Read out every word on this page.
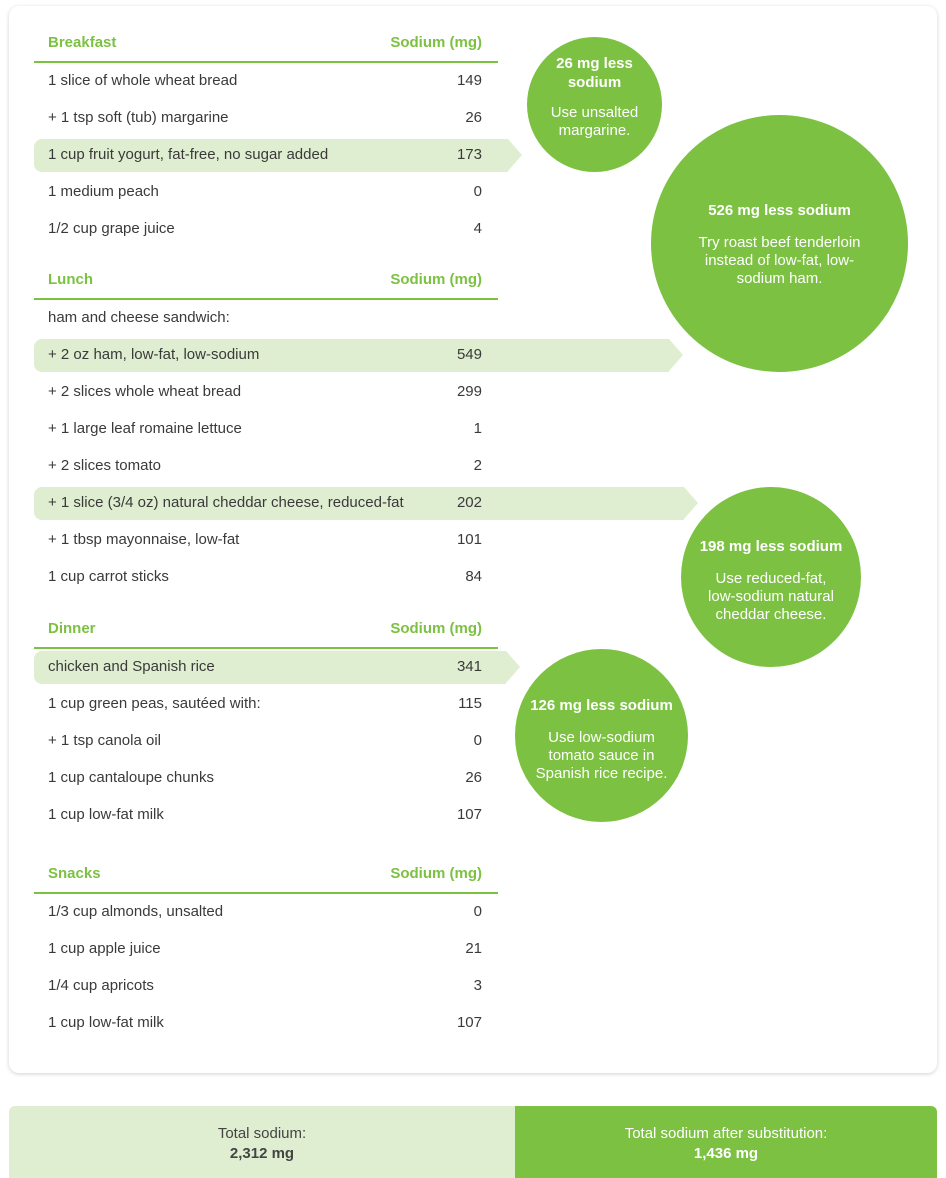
Breakfast	Sodium (mg)
1 slice of whole wheat bread	149
+ 1 tsp soft (tub) margarine	26
1 cup fruit yogurt, fat-free, no sugar added	173
1 medium peach	0
1/2 cup grape juice	4
Lunch	Sodium (mg)
ham and cheese sandwich:
+ 2 oz ham, low-fat, low-sodium	549
+ 2 slices whole wheat bread	299
+ 1 large leaf romaine lettuce	1
+ 2 slices tomato	2
+ 1 slice (3/4 oz) natural cheddar cheese, reduced-fat	202
+ 1 tbsp mayonnaise, low-fat	101
1 cup carrot sticks	84
Dinner	Sodium (mg)
chicken and Spanish rice	341
1 cup green peas, sautéed with:	115
+ 1 tsp canola oil	0
1 cup cantaloupe chunks	26
1 cup low-fat milk	107
Snacks	Sodium (mg)
1/3 cup almonds, unsalted	0
1 cup apple juice	21
1/4 cup apricots	3
1 cup low-fat milk	107
26 mg less sodium
Use unsalted margarine.
526 mg less sodium
Try roast beef tenderloin instead of low-fat, low-sodium ham.
198 mg less sodium
Use reduced-fat, low-sodium natural cheddar cheese.
126 mg less sodium
Use low-sodium tomato sauce in Spanish rice recipe.
Total sodium:
2,312 mg
Total sodium after substitution:
1,436 mg
